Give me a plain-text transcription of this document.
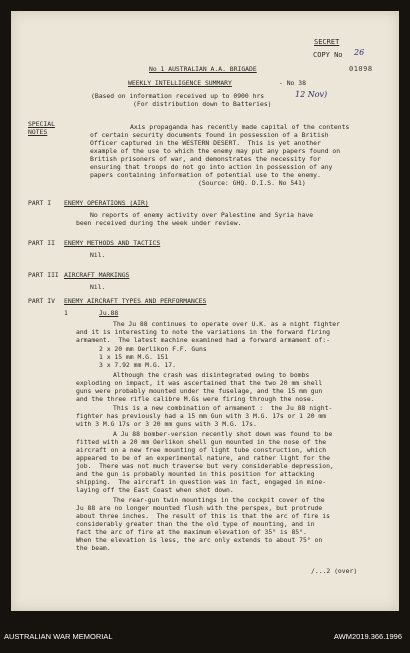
SECRET
COPY No 26
01098
No 1 AUSTRALIAN A.A. BRIGADE
WEEKLY INTELLIGENCE SUMMARY	- No 38
(Based on information received up to 0900 hrs	12 Nov)
(For distribution down to Batteries)
SPECIAL
NOTES
Axis propaganda has recently made capital of the contents
of certain security documents found in possession of a British
Officer captured in the WESTERN DESERT.  This is yet another
example of the use to which the enemy may put any papers found on
British prisoners of war, and demonstrates the necessity for
ensuring that troops do not go into action in possession of any
papers containing information of potential use to the enemy.
(Source: GHQ. D.I.S. No 541)
PART I ENEMY OPERATIONS (AIR)
No reports of enemy activity over Palestine and Syria have
been received during the week under review.
PART II ENEMY METHODS AND TACTICS
Nil.
PART III AIRCRAFT MARKINGS
Nil.
PART IV ENEMY AIRCRAFT TYPES AND PERFORMANCES
1	Ju.88
The Ju 88 continues to operate over U.K. as a night fighter
and it is interesting to note the variations in the forward firing
armament.  The latest machine examined had a forward armament of:-
2 x 20 mm Oerlikon F.F. Guns
1 x 15 mm M.G. 151
3 x 7.92 mm M.G. 17.
Although the crash was disintegrated owing to bombs
exploding on impact, it was ascertained that the two 20 mm shell
guns were probably mounted under the fuselage, and the 15 mm gun
and the three rifle calibre M.Gs were firing through the nose.
This is a new combination of armament :  the Ju 88 night-
fighter has previously had a 15 mm Gun with 3 M.G. 17s or 1 20 mm
with 3 M.G 17s or 3 20 mm guns with 3 M.G. 17s.
A Ju 88 bomber-version recently shot down was found to be
fitted with a 20 mm Oerlikon shell gun mounted in the nose of the
aircraft on a new free mounting of light tube construction, which
appeared to be of an experimental nature, and rather light for the
job.  There was not much traverse but very considerable depression,
and the gun is probably mounted in this position for attacking
shipping.  The aircraft in question was in fact, engaged in mine-
laying off the East Coast when shot down.
The rear-gun twin mountings in the cockpit cover of the
Ju 88 are no longer mounted flush with the perspex, but protrude
about three inches.  The result of this is that the arc of fire is
considerably greater than the the old type of mounting, and in
fact the arc of fire at the maximum elevation of 35° is 85°.
When the elevation is less, the arc only extends to about 75° on
the beam.
/...2 (over)
AUSTRALIAN WAR MEMORIAL	AWM2019.366.1996
